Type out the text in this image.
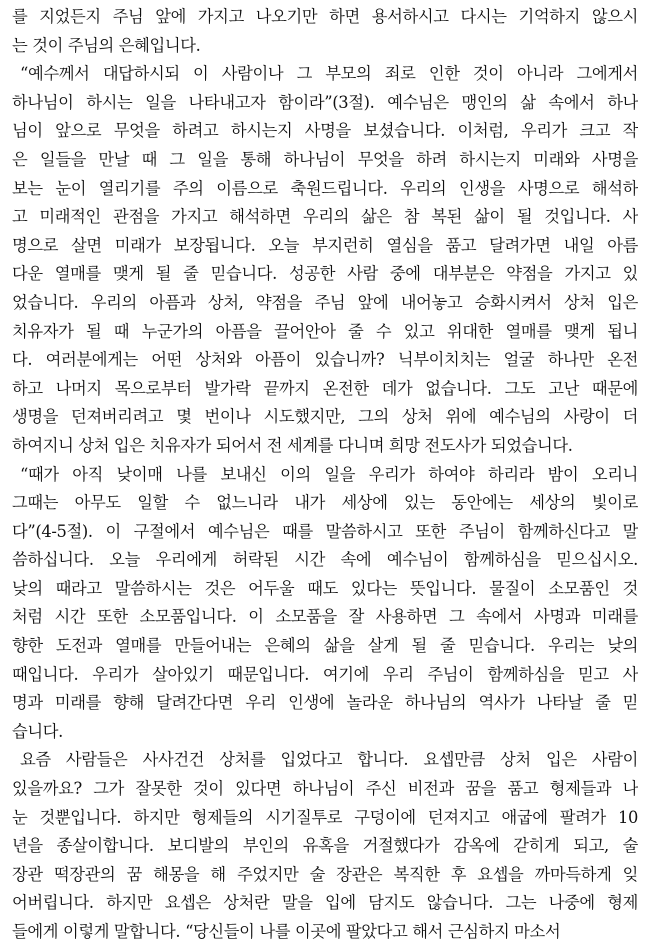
를 지었든지 주님 앞에 가지고 나오기만 하면 용서하시고 다시는 기억하지 않으시
는 것이 주님의 은혜입니다.
“예수께서 대답하시되 이 사람이나 그 부모의 죄로 인한 것이 아니라 그에게서
하나님이 하시는 일을 나타내고자 함이라”(3절). 예수님은 맹인의 삶 속에서 하나
님이 앞으로 무엇을 하려고 하시는지 사명을 보셨습니다. 이처럼, 우리가 크고 작
은 일들을 만날 때 그 일을 통해 하나님이 무엇을 하려 하시는지 미래와 사명을
보는 눈이 열리기를 주의 이름으로 축원드립니다. 우리의 인생을 사명으로 해석하
고 미래적인 관점을 가지고 해석하면 우리의 삶은 참 복된 삶이 될 것입니다. 사
명으로 살면 미래가 보장됩니다. 오늘 부지런히 열심을 품고 달려가면 내일 아름
다운 열매를 맺게 될 줄 믿습니다. 성공한 사람 중에 대부분은 약점을 가지고 있
었습니다. 우리의 아픔과 상처, 약점을 주님 앞에 내어놓고 승화시켜서 상처 입은
치유자가 될 때 누군가의 아픔을 끌어안아 줄 수 있고 위대한 열매를 맺게 됩니
다. 여러분에게는 어떤 상처와 아픔이 있습니까? 닉부이치치는 얼굴 하나만 온전
하고 나머지 목으로부터 발가락 끝까지 온전한 데가 없습니다. 그도 고난 때문에
생명을 던져버리려고 몇 번이나 시도했지만, 그의 상처 위에 예수님의 사랑이 더
하여지니 상처 입은 치유자가 되어서 전 세계를 다니며 희망 전도사가 되었습니다.
“때가 아직 낮이매 나를 보내신 이의 일을 우리가 하여야 하리라 밤이 오리니
그때는 아무도 일할 수 없느니라 내가 세상에 있는 동안에는 세상의 빛이로
다”(4-5절). 이 구절에서 예수님은 때를 말씀하시고 또한 주님이 함께하신다고 말
씀하십니다. 오늘 우리에게 허락된 시간 속에 예수님이 함께하심을 믿으십시오.
낮의 때라고 말씀하시는 것은 어두울 때도 있다는 뜻입니다. 물질이 소모품인 것
처럼 시간 또한 소모품입니다. 이 소모품을 잘 사용하면 그 속에서 사명과 미래를
향한 도전과 열매를 만들어내는 은혜의 삶을 살게 될 줄 믿습니다. 우리는 낮의
때입니다. 우리가 살아있기 때문입니다. 여기에 우리 주님이 함께하심을 믿고 사
명과 미래를 향해 달려간다면 우리 인생에 놀라운 하나님의 역사가 나타날 줄 믿
습니다.
요즘 사람들은 사사건건 상처를 입었다고 합니다. 요셉만큼 상처 입은 사람이
있을까요? 그가 잘못한 것이 있다면 하나님이 주신 비전과 꿈을 품고 형제들과 나
눈 것뿐입니다. 하지만 형제들의 시기질투로 구덩이에 던져지고 애굽에 팔려가 10
년을 종살이합니다. 보디발의 부인의 유혹을 거절했다가 감옥에 갇히게 되고, 술
장관 떡장관의 꿈 해몽을 해 주었지만 술 장관은 복직한 후 요셉을 까마득하게 잊
어버립니다. 하지만 요셉은 상처란 말을 입에 담지도 않습니다. 그는 나중에 형제
들에게 이렇게 말합니다. “당신들이 나를 이곳에 팔았다고 해서 근심하지 마소서
